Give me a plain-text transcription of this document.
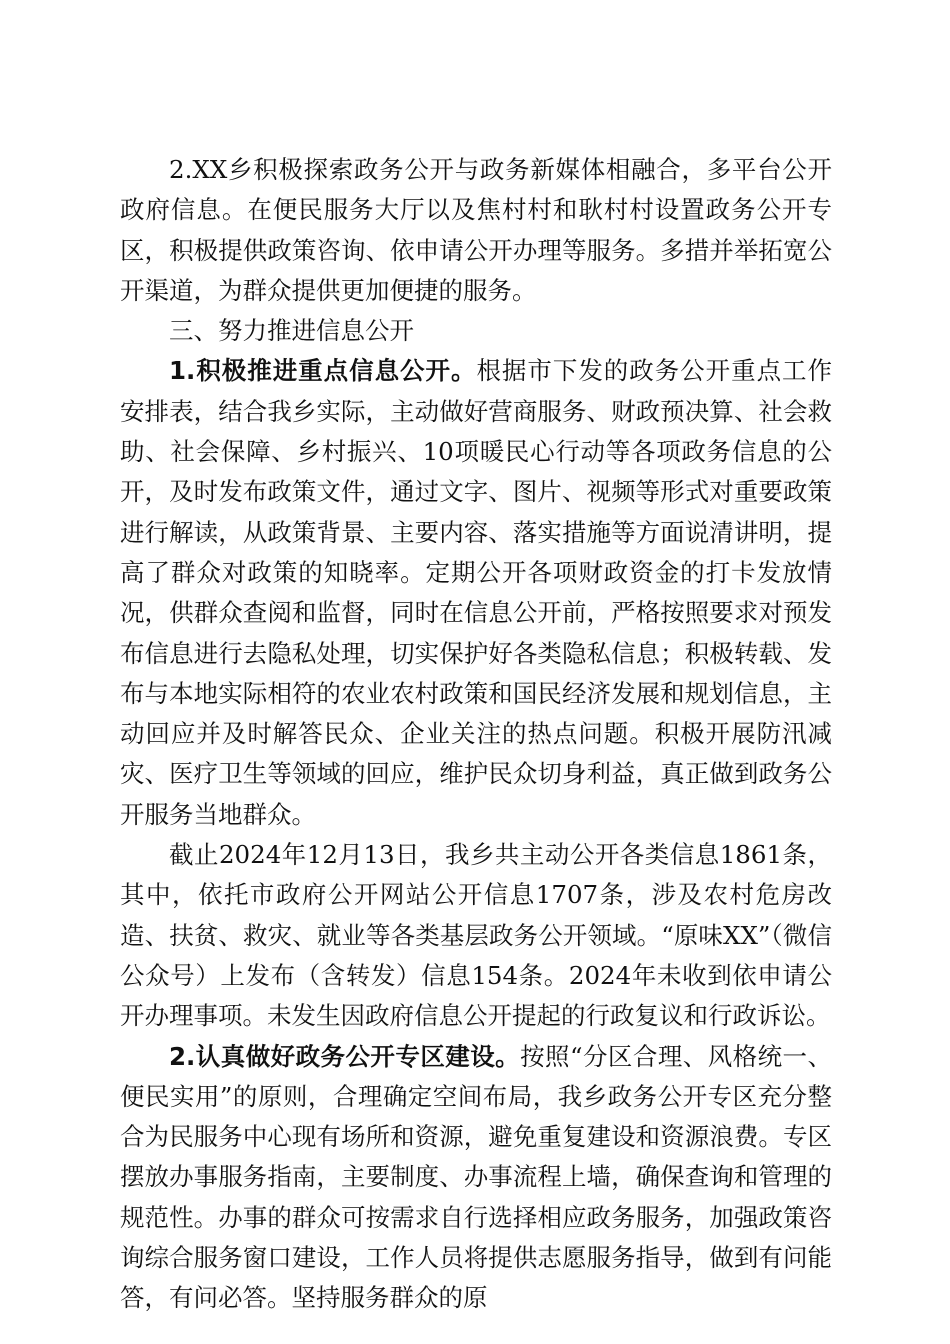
2.XX乡积极探索政务公开与政务新媒体相融合，多平台公开政府信息。在便民服务大厅以及焦村村和耿村村设置政务公开专区，积极提供政策咨询、依申请公开办理等服务。多措并举拓宽公开渠道，为群众提供更加便捷的服务。

三、努力推进信息公开

1.积极推进重点信息公开。根据市下发的政务公开重点工作安排表，结合我乡实际，主动做好营商服务、财政预决算、社会救助、社会保障、乡村振兴、10项暖民心行动等各项政务信息的公开，及时发布政策文件，通过文字、图片、视频等形式对重要政策进行解读，从政策背景、主要内容、落实措施等方面说清讲明，提高了群众对政策的知晓率。定期公开各项财政资金的打卡发放情况，供群众查阅和监督，同时在信息公开前，严格按照要求对预发布信息进行去隐私处理，切实保护好各类隐私信息；积极转载、发布与本地实际相符的农业农村政策和国民经济发展和规划信息，主动回应并及时解答民众、企业关注的热点问题。积极开展防汛减灾、医疗卫生等领域的回应，维护民众切身利益，真正做到政务公开服务当地群众。

截止2024年12月13日，我乡共主动公开各类信息1861条，其中，依托市政府公开网站公开信息1707条，涉及农村危房改造、扶贫、救灾、就业等各类基层政务公开领域。“原味XX”（微信公众号）上发布（含转发）信息154条。2024年未收到依申请公开办理事项。未发生因政府信息公开提起的行政复议和行政诉讼。

2.认真做好政务公开专区建设。按照“分区合理、风格统一、便民实用”的原则，合理确定空间布局，我乡政务公开专区充分整合为民服务中心现有场所和资源，避免重复建设和资源浪费。专区摆放办事服务指南，主要制度、办事流程上墙，确保查询和管理的规范性。办事的群众可按需求自行选择相应政务服务，加强政策咨询综合服务窗口建设，工作人员将提供志愿服务指导，做到有问能答，有问必答。坚持服务群众的原
